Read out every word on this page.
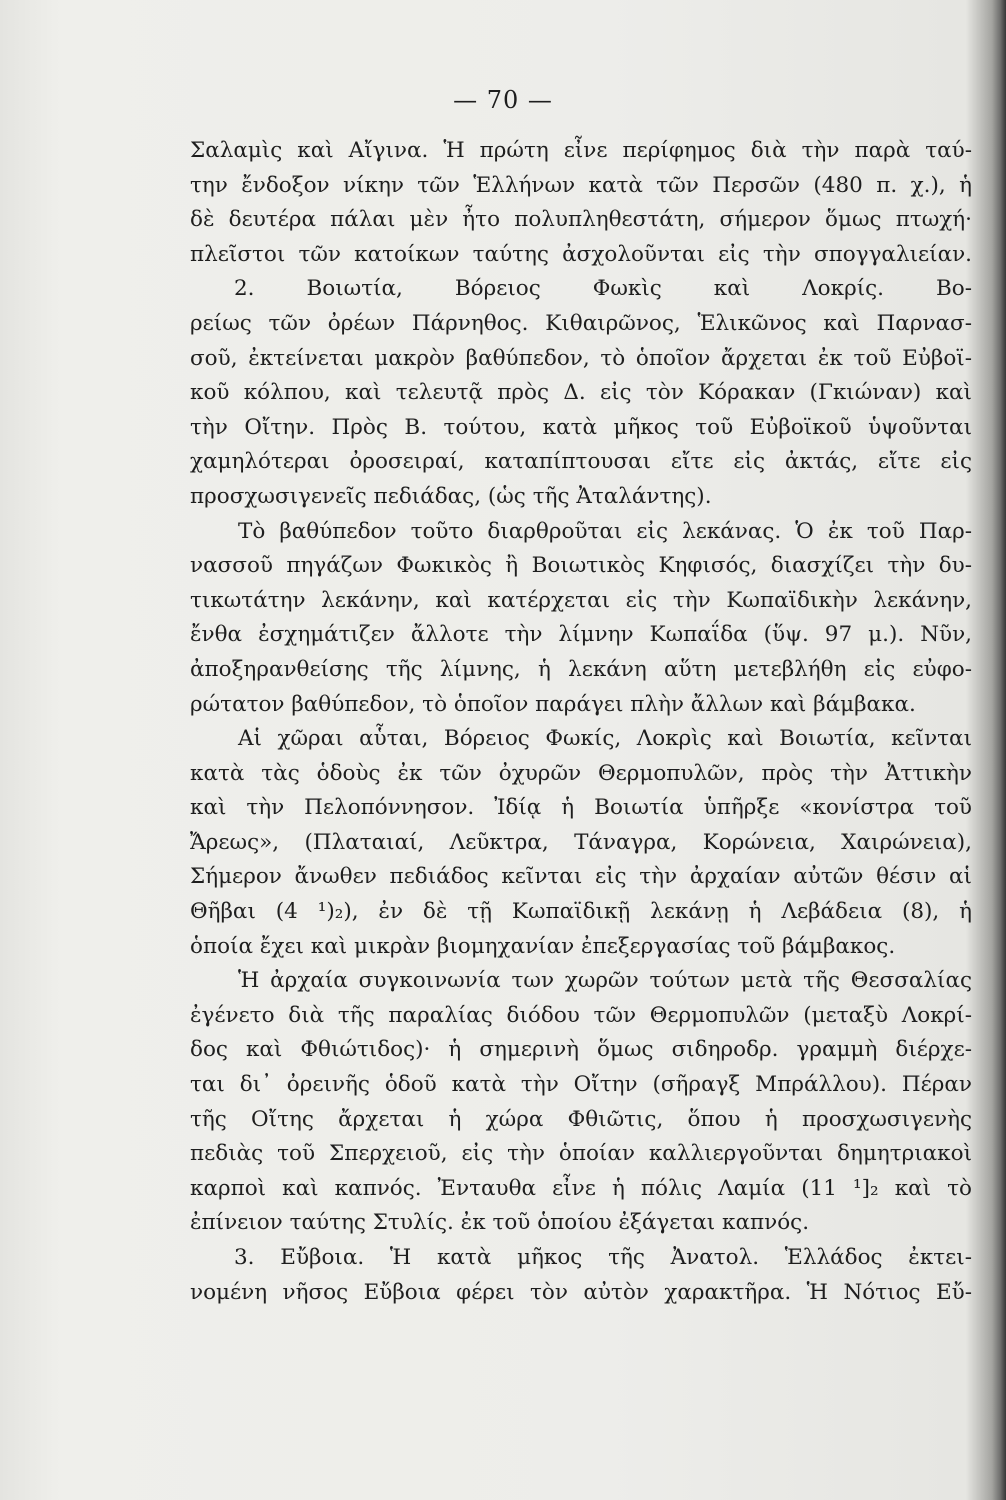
— 70 —
Σαλαμὶς καὶ Αἴγινα. Ἡ πρώτη εἶνε περίφημος διὰ τὴν παρὰ ταύ-
την ἔνδοξον νίκην τῶν Ἑλλήνων κατὰ τῶν Περσῶν (480 π. χ.), ἡ
δὲ δευτέρα πάλαι μὲν ἦτο πολυπληθεστάτη, σήμερον ὅμως πτωχή·
πλεῖστοι τῶν κατοίκων ταύτης ἀσχολοῦνται εἰς τὴν σπογγαλιείαν.
2. Βοιωτία, Βόρειος Φωκὶς καὶ Λοκρίς. Βο-
ρείως τῶν ὀρέων Πάρνηθος. Κιθαιρῶνος, Ἑλικῶνος καὶ Παρνασ-
σοῦ, ἐκτείνεται μακρὸν βαθύπεδον, τὸ ὁποῖον ἄρχεται ἐκ τοῦ Εὐβοϊ-
κοῦ κόλπου, καὶ τελευτᾷ πρὸς Δ. εἰς τὸν Κόρακαν (Γκιώναν) καὶ
τὴν Οἴτην. Πρὸς Β. τούτου, κατὰ μῆκος τοῦ Εὐβοϊκοῦ ὑψοῦνται
χαμηλότεραι ὀροσειραί, καταπίπτουσαι εἴτε εἰς ἀκτάς, εἴτε εἰς
προσχωσιγενεῖς πεδιάδας, (ὡς τῆς Ἀταλάντης).
Τὸ βαθύπεδον τοῦτο διαρθροῦται εἰς λεκάνας. Ὁ ἐκ τοῦ Παρ-
νασσοῦ πηγάζων Φωκικὸς ἢ Βοιωτικὸς Κηφισός, διασχίζει τὴν δυ-
τικωτάτην λεκάνην, καὶ κατέρχεται εἰς τὴν Κωπαϊδικὴν λεκάνην,
ἔνθα ἐσχημάτιζεν ἄλλοτε τὴν λίμνην Κωπαΐδα (ὕψ. 97 μ.). Νῦν,
ἀποξηρανθείσης τῆς λίμνης, ἡ λεκάνη αὕτη μετεβλήθη εἰς εὐφο-
ρώτατον βαθύπεδον, τὸ ὁποῖον παράγει πλὴν ἄλλων καὶ βάμβακα.
Αἱ χῶραι αὗται, Βόρειος Φωκίς, Λοκρὶς καὶ Βοιωτία, κεῖνται
κατὰ τὰς ὁδοὺς ἐκ τῶν ὀχυρῶν Θερμοπυλῶν, πρὸς τὴν Ἀττικὴν
καὶ τὴν Πελοπόννησον. Ἰδίᾳ ἡ Βοιωτία ὑπῆρξε «κονίστρα τοῦ
Ἄρεως», (Πλαταιαί, Λεῦκτρα, Τάναγρα, Κορώνεια, Χαιρώνεια),
Σήμερον ἄνωθεν πεδιάδος κεῖνται εἰς τὴν ἀρχαίαν αὐτῶν θέσιν αἱ
Θῆβαι (4 ¹)₂), ἐν δὲ τῇ Κωπαϊδικῇ λεκάνῃ ἡ Λεβάδεια (8), ἡ
ὁποία ἔχει καὶ μικρὰν βιομηχανίαν ἐπεξεργασίας τοῦ βάμβακος.
Ἡ ἀρχαία συγκοινωνία των χωρῶν τούτων μετὰ τῆς Θεσσαλίας
ἐγένετο διὰ τῆς παραλίας διόδου τῶν Θερμοπυλῶν (μεταξὺ Λοκρί-
δος καὶ Φθιώτιδος)· ἡ σημερινὴ ὅμως σιδηροδρ. γραμμὴ διέρχε-
ται δι᾽ ὀρεινῆς ὁδοῦ κατὰ τὴν Οἴτην (σῆραγξ Μπράλλου). Πέραν
τῆς Οἴτης ἄρχεται ἡ χώρα Φθιῶτις, ὅπου ἡ προσχωσιγενὴς
πεδιὰς τοῦ Σπερχειοῦ, εἰς τὴν ὁποίαν καλλιεργοῦνται δημητριακοὶ
καρποὶ καὶ καπνός. Ἐνταυθα εἶνε ἡ πόλις Λαμία (11 ¹]₂ καὶ τὸ
ἐπίνειον ταύτης Στυλίς. ἐκ τοῦ ὁποίου ἐξάγεται καπνός.
3. Εὔβοια. Ἡ κατὰ μῆκος τῆς Ἀνατολ. Ἑλλάδος ἐκτει-
νομένη νῆσος Εὔβοια φέρει τὸν αὐτὸν χαρακτῆρα. Ἡ Νότιος Εὔ-
